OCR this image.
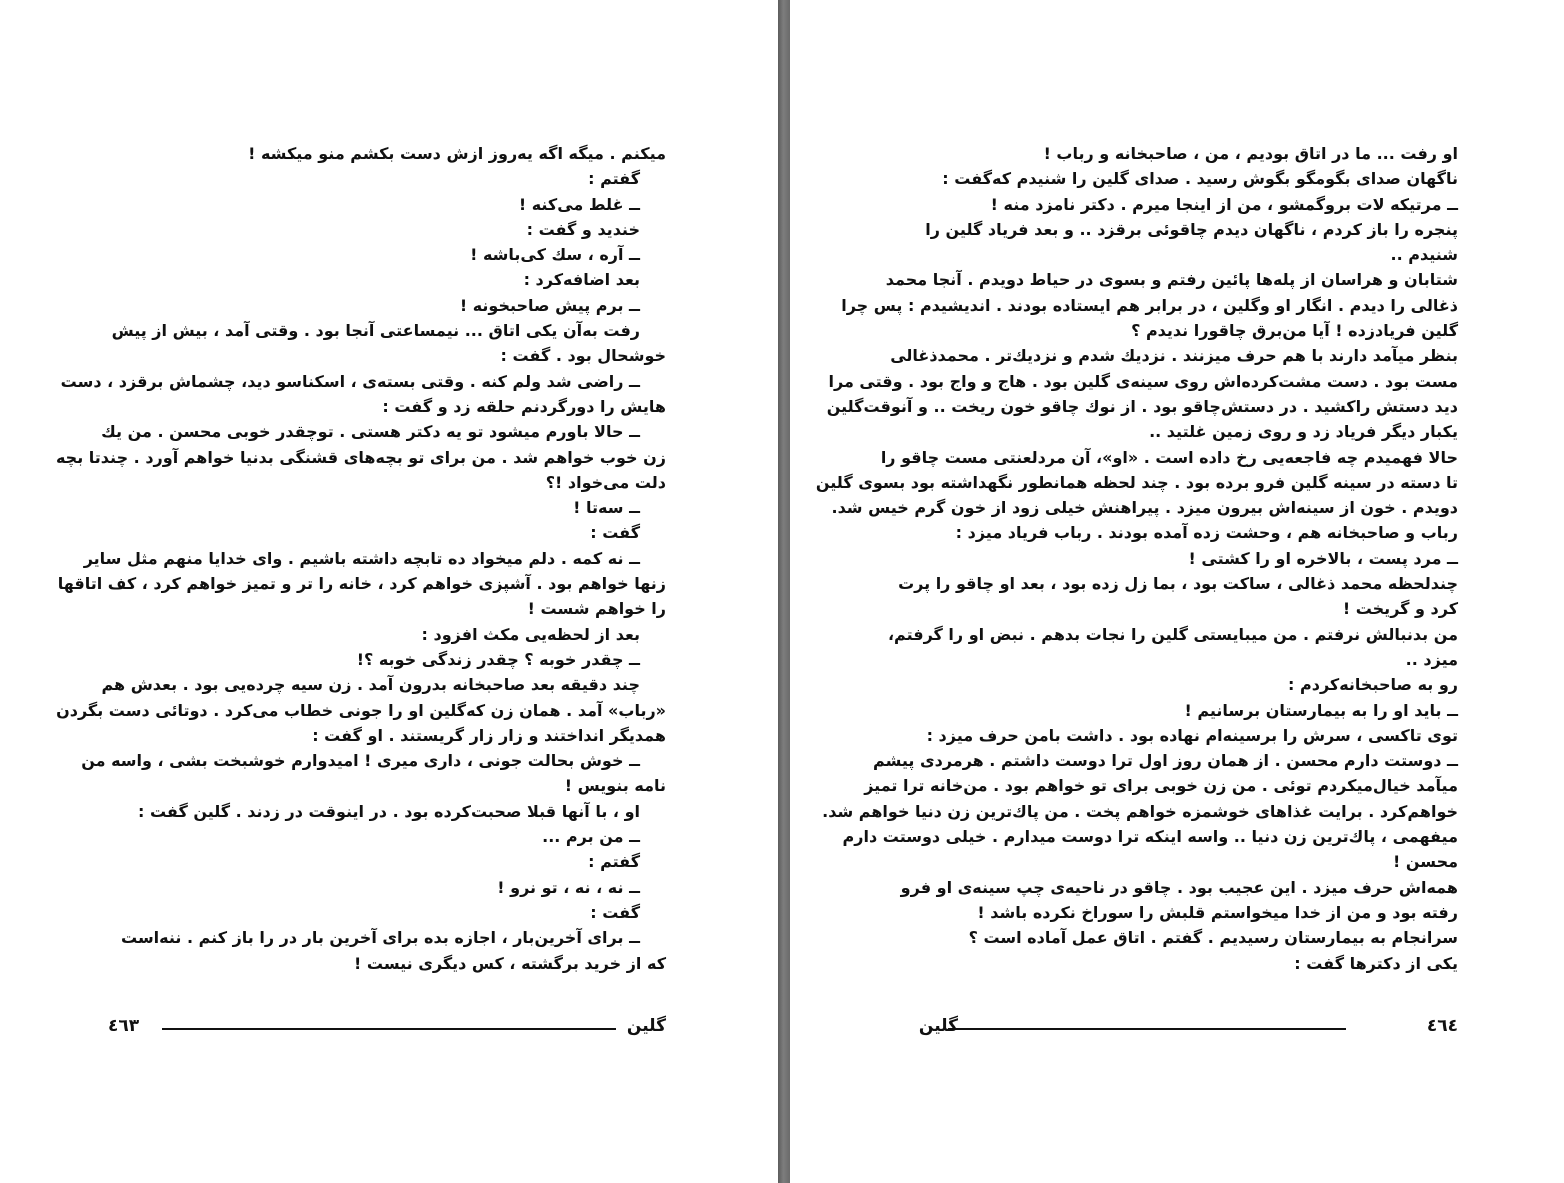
میکنم . میگه اگه یه‌روز ازش دست بکشم منو میکشه !
گفتم :
ــ غلط می‌کنه !
خندید و گفت :
ــ آره ، سك کی‌باشه !
بعد اضافه‌کرد :
ــ برم پیش صاحبخونه !
رفت به‌آن یکی اتاق ... نیمساعتی آنجا بود . وقتی آمد ، بیش از پیش
خوشحال بود . گفت :
ــ راضی شد ولم کنه . وقتی بسته‌ی ، اسکناسو دید، چشماش برقزد ، دست
هایش را دورگردنم حلقه زد و گفت :
ــ حالا باورم میشود تو یه دکتر هستی . توچقدر خوبی محسن . من یك
زن خوب خواهم شد . من برای تو بچه‌های قشنگی بدنیا خواهم آورد . چندتا بچه
دلت می‌خواد !؟
ــ سه‌تا !
گفت :
ــ نه کمه . دلم میخواد ده تابچه داشته باشیم . وای خدایا منهم مثل سایر
زنها خواهم بود . آشپزی خواهم کرد ، خانه را تر و تمیز خواهم کرد ، کف اتاقها
را خواهم شست !
بعد از لحظه‌یی مکث افزود :
ــ چقدر خوبه ؟ چقدر زندگی خوبه ؟!
چند دقیقه بعد صاحبخانه بدرون آمد . زن سیه چرده‌یی بود . بعدش هم
«رباب» آمد . همان زن که‌گلین او را جونی خطاب می‌کرد . دوتائی دست بگردن
همدیگر انداختند و زار زار گریستند . او گفت :
ــ خوش بحالت جونی ، داری میری ! امیدوارم خوشبخت بشی ، واسه من
نامه بنویس !
او ، با آنها قبلا صحبت‌کرده بود . در اینوقت در زدند . گلین گفت :
ــ من برم ...
گفتم :
ــ نه ، نه ، تو نرو !
گفت :
ــ برای آخرین‌بار ، اجازه بده برای آخرین بار در را باز کنم . ننه‌است
که از خرید برگشته ، کس دیگری نیست !
گلین
٤٦٣
او رفت ... ما در اتاق بودیم ، من ، صاحبخانه و رباب !
ناگهان صدای بگومگو بگوش رسید . صدای گلین را شنیدم که‌گفت :
ــ مرتیکه لات بروگمشو ، من از اینجا میرم . دکتر نامزد منه !
پنجره را باز کردم ، ناگهان دیدم چاقوئی برقزد .. و بعد فریاد گلین را
شنیدم ..
شتابان و هراسان از پله‌ها پائین رفتم و بسوی در حیاط دویدم . آنجا محمد
ذغالی را دیدم . انگار او وگلین ، در برابر هم ایستاده بودند . اندیشیدم : پس چرا
گلین فریادزده ! آیا من‌برق چاقورا ندیدم ؟
بنظر میآمد دارند با هم حرف میزنند . نزدیك شدم و نزدیك‌تر . محمدذغالی
مست بود . دست مشت‌کرده‌اش روی سینه‌ی گلین بود . هاج و واج بود . وقتی مرا
دید دستش راکشید . در دستش‌چاقو بود . از نوك چاقو خون ریخت .. و آنوقت‌گلین
یکبار دیگر فریاد زد و روی زمین غلتید ..
حالا فهمیدم چه فاجعه‌یی رخ داده است . «او»، آن مردلعنتی مست چاقو را
تا دسته در سینه گلین فرو برده بود . چند لحظه همانطور نگهداشته بود بسوی گلین
دویدم . خون از سینه‌اش بیرون میزد . پیراهنش خیلی زود از خون گرم خیس شد.
رباب و صاحبخانه هم ، وحشت زده آمده بودند . رباب فریاد میزد :
ــ مرد پست ، بالاخره او را کشتی !
چندلحظه محمد ذغالی ، ساکت بود ، بما زل زده بود ، بعد او چاقو را پرت
کرد و گریخت !
من بدنبالش نرفتم . من میبایستی گلین را نجات بدهم . نبض او را گرفتم،
میزد ..
رو به صاحبخانه‌کردم :
ــ باید او را به بیمارستان برسانیم !
توی تاکسی ، سرش را برسینه‌ام نهاده بود . داشت بامن حرف میزد :
ــ دوستت دارم محسن . از همان روز اول ترا دوست داشتم . هرمردی پیشم
میآمد خیال‌میکردم توئی . من زن خوبی برای تو خواهم بود . من‌خانه ترا تمیز
خواهم‌کرد . برایت غذاهای خوشمزه خواهم پخت . من پاك‌ترین زن دنیا خواهم شد.
میفهمی ، پاك‌ترین زن دنیا .. واسه اینکه ترا دوست میدارم . خیلی دوستت دارم
محسن !
همه‌اش حرف میزد . این عجیب بود . چاقو در ناحیه‌ی چپ سینه‌ی او فرو
رفته بود و من از خدا میخواستم قلبش را سوراخ نکرده باشد !
سرانجام به بیمارستان رسیدیم . گفتم . اتاق عمل آماده است ؟
یکی از دکترها گفت :
٤٦٤
گلین
